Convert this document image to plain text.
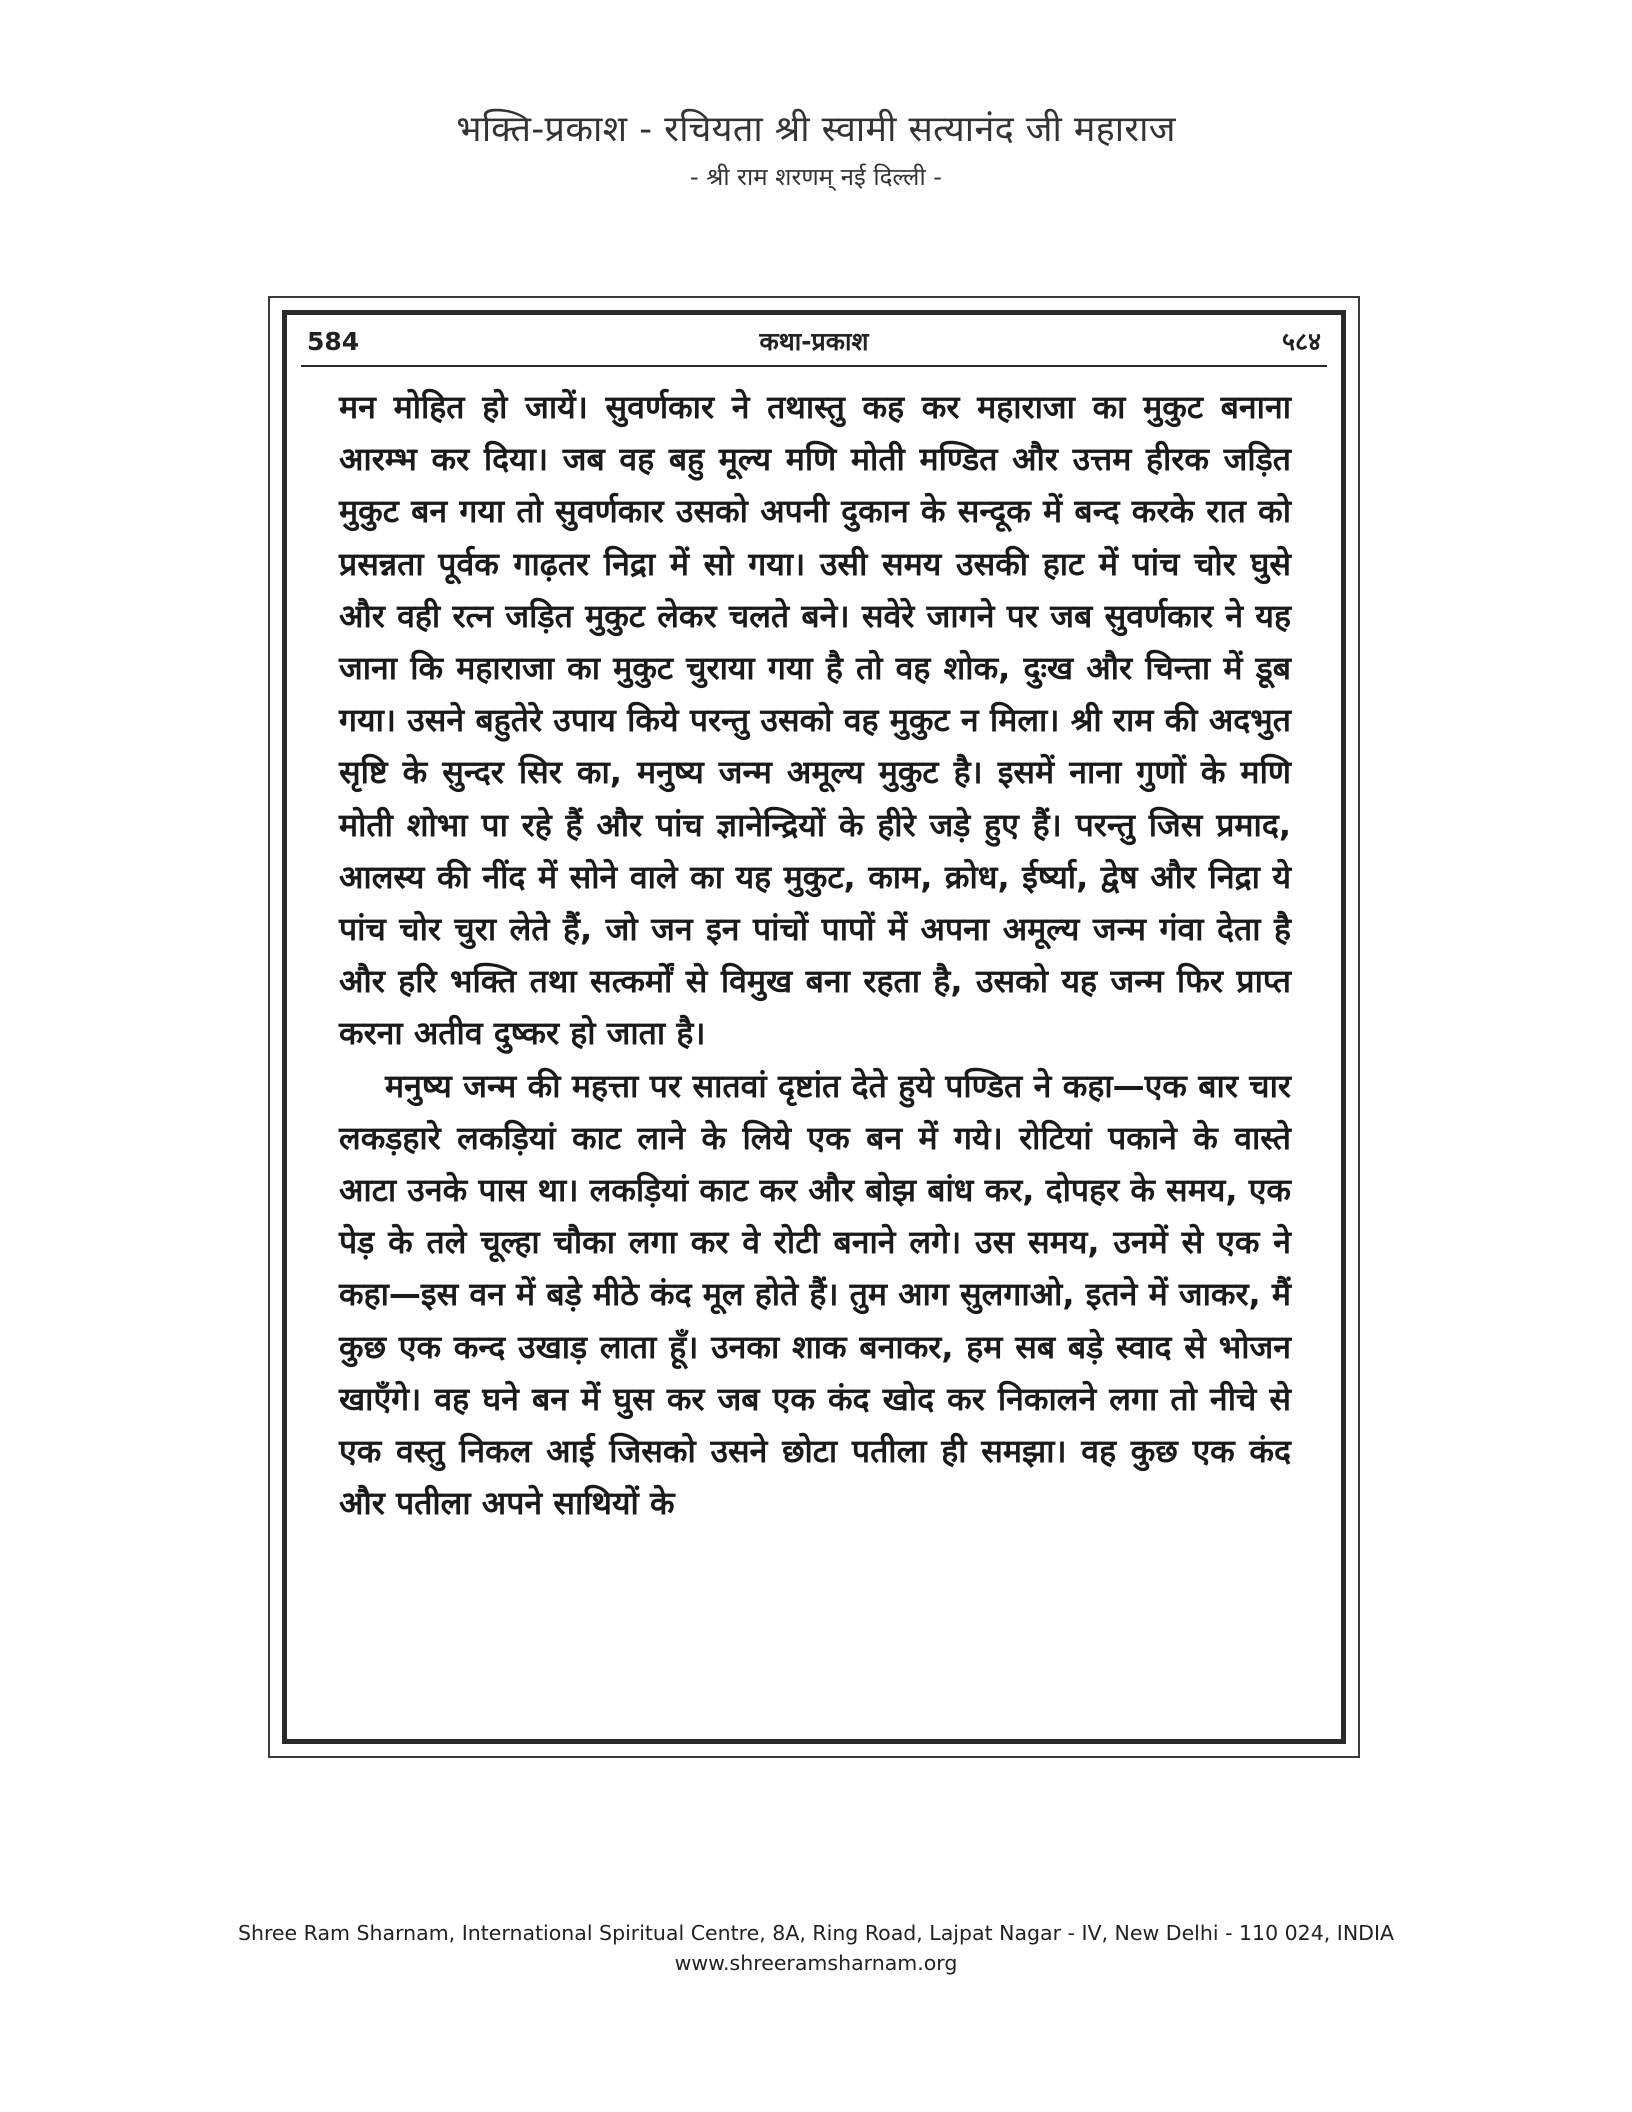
भक्ति-प्रकाश - रचियता श्री स्वामी सत्यानंद जी महाराज
- श्री राम शरणम् नई दिल्ली -
584	कथा-प्रकाश	५८४

मन मोहित हो जायें। सुवर्णकार ने तथास्तु कह कर महाराजा का मुकुट बनाना आरम्भ कर दिया। जब वह बहु मूल्य मणि मोती मण्डित और उत्तम हीरक जड़ित मुकुट बन गया तो सुवर्णकार उसको अपनी दुकान के सन्दूक में बन्द करके रात को प्रसन्नता पूर्वक गाढ़तर निद्रा में सो गया। उसी समय उसकी हाट में पांच चोर घुसे और वही रत्न जड़ित मुकुट लेकर चलते बने। सवेरे जागने पर जब सुवर्णकार ने यह जाना कि महाराजा का मुकुट चुराया गया है तो वह शोक, दुःख और चिन्ता में डूब गया। उसने बहुतेरे उपाय किये परन्तु उसको वह मुकुट न मिला। श्री राम की अदभुत सृष्टि के सुन्दर सिर का, मनुष्य जन्म अमूल्य मुकुट है। इसमें नाना गुणों के मणि मोती शोभा पा रहे हैं और पांच ज्ञानेन्द्रियों के हीरे जड़े हुए हैं। परन्तु जिस प्रमाद, आलस्य की नींद में सोने वाले का यह मुकुट, काम, क्रोध, ईर्ष्या, द्वेष और निद्रा ये पांच चोर चुरा लेते हैं, जो जन इन पांचों पापों में अपना अमूल्य जन्म गंवा देता है और हरि भक्ति तथा सत्कर्मों से विमुख बना रहता है, उसको यह जन्म फिर प्राप्त करना अतीव दुष्कर हो जाता है।

मनुष्य जन्म की महत्ता पर सातवां दृष्टांत देते हुये पण्डित ने कहा—एक बार चार लकड़हारे लकड़ियां काट लाने के लिये एक बन में गये। रोटियां पकाने के वास्ते आटा उनके पास था। लकड़ियां काट कर और बोझ बांध कर, दोपहर के समय, एक पेड़ के तले चूल्हा चौका लगा कर वे रोटी बनाने लगे। उस समय, उनमें से एक ने कहा—इस वन में बड़े मीठे कंद मूल होते हैं। तुम आग सुलगाओ, इतने में जाकर, मैं कुछ एक कन्द उखाड़ लाता हूँ। उनका शाक बनाकर, हम सब बड़े स्वाद से भोजन खाएँगे। वह घने बन में घुस कर जब एक कंद खोद कर निकालने लगा तो नीचे से एक वस्तु निकल आई जिसको उसने छोटा पतीला ही समझा। वह कुछ एक कंद और पतीला अपने साथियों के

Shree Ram Sharnam, International Spiritual Centre, 8A, Ring Road, Lajpat Nagar - IV, New Delhi - 110 024, INDIA
www.shreeramsharnam.org
